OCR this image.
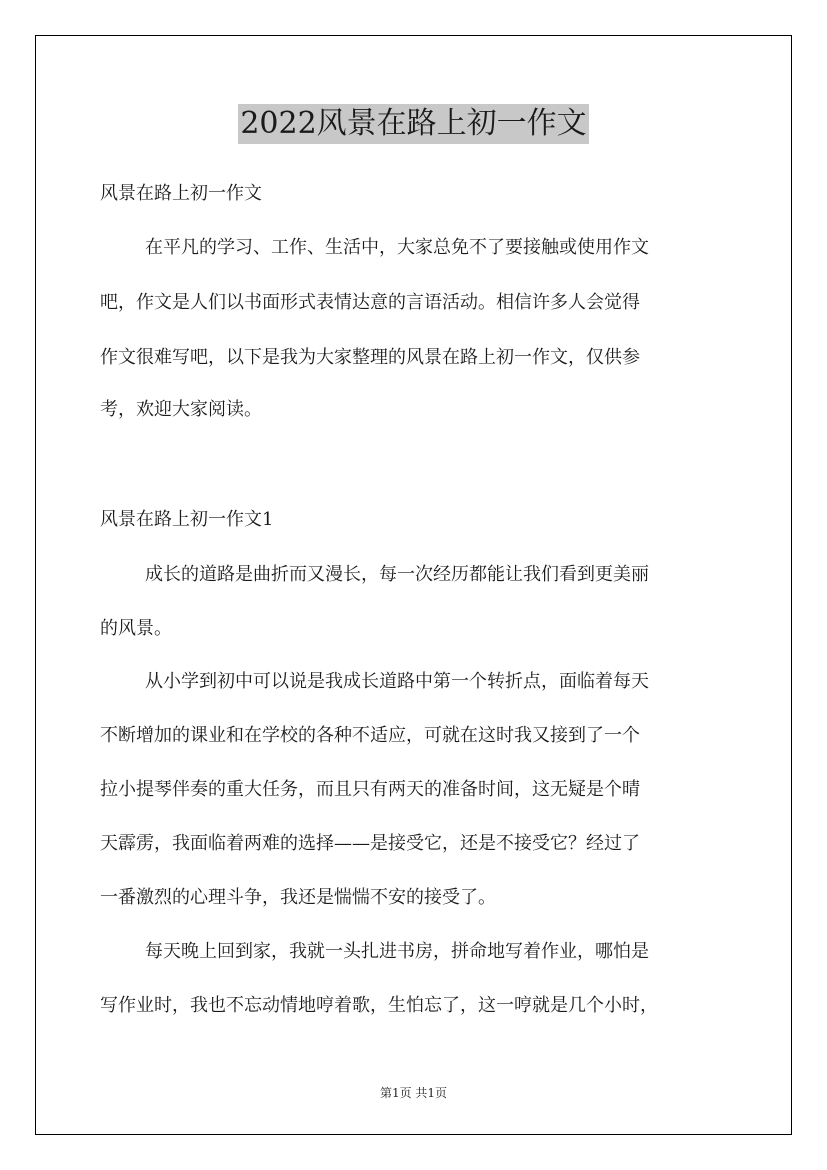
2022风景在路上初一作文
风景在路上初一作文
在平凡的学习、工作、生活中，大家总免不了要接触或使用作文
吧，作文是人们以书面形式表情达意的言语活动。相信许多人会觉得
作文很难写吧，以下是我为大家整理的风景在路上初一作文，仅供参
考，欢迎大家阅读。
风景在路上初一作文1
成长的道路是曲折而又漫长，每一次经历都能让我们看到更美丽
的风景。
从小学到初中可以说是我成长道路中第一个转折点，面临着每天
不断增加的课业和在学校的各种不适应，可就在这时我又接到了一个
拉小提琴伴奏的重大任务，而且只有两天的准备时间，这无疑是个晴
天霹雳，我面临着两难的选择——是接受它，还是不接受它？经过了
一番激烈的心理斗争，我还是惴惴不安的接受了。
每天晚上回到家，我就一头扎进书房，拼命地写着作业，哪怕是
写作业时，我也不忘动情地哼着歌，生怕忘了，这一哼就是几个小时，
第1页 共1页
